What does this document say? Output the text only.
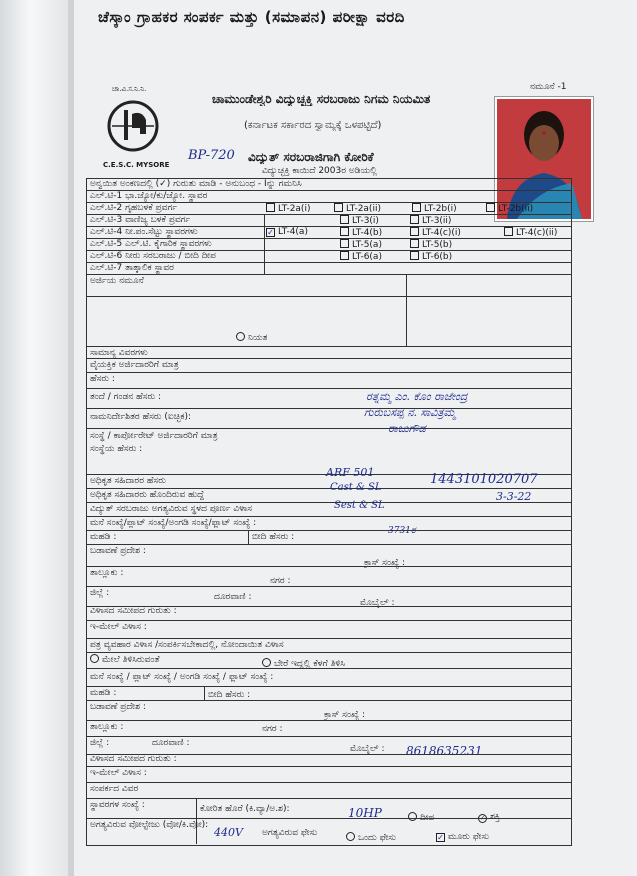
ಚೆಸ್ಕಾಂ ಗ್ರಾಹಕರ ಸಂಪರ್ಕ ಮತ್ತು (ಸಮಾಪನ) ಪರೀಕ್ಷಾ ವರದಿ
ನಮೂನೆ -1
ಚಾ.ವಿ.ಸ.ನಿ.ನಿ.
C.E.S.C. MYSORE
ಚಾಮುಂಡೇಶ್ವರಿ ವಿದ್ಯುಚ್ಛಕ್ತಿ ಸರಬರಾಜು ನಿಗಮ ನಿಯಮಿತ
(ಕರ್ನಾಟಕ ಸರ್ಕಾರದ ಸ್ವಾಮ್ಯಕ್ಕೆ ಒಳಪಟ್ಟಿದೆ)
ವಿದ್ಯುತ್ ಸರಬರಾಜಿಗಾಗಿ ಕೋರಿಕೆ
ವಿದ್ಯುಚ್ಛಕ್ತಿ ಕಾಯಿದೆ 2003ರ ಅಡಿಯಲ್ಲಿ
BP-720
ಅನ್ವಯಿತ ಅಂಕಣದಲ್ಲಿ (✓) ಗುರುತು ಮಾಡಿ - ಅನುಬಂಧ - Iನ್ನು ಗಮನಿಸಿ
ಎಲ್.ಟಿ-1 ಭಾ.ಜ್ಯೋ/ಕು/ಜ್ಯೋ. ಸ್ಥಾವರ
ಎಲ್.ಟಿ-2 ಗೃಹಬಳಕೆ ಪ್ರವರ್ಗ	LT-2a(i)	LT-2a(ii)	LT-2b(i)	LT-2b(ii)
ಎಲ್.ಟಿ-3 ವಾಣಿಜ್ಯ ಬಳಕೆ ಪ್ರವರ್ಗ	LT-3(i)	LT-3(ii)
ಎಲ್.ಟಿ-4 ನೀ.ಪಂ.ಸೆಟ್ಟು ಸ್ಥಾವರಗಳು	✓ LT-4(a)	LT-4(b)	LT-4(c)(i)	LT-4(c)(ii)
ಎಲ್.ಟಿ-5 ಎಲ್.ಟಿ. ಕೈಗಾರಿಕ ಸ್ಥಾವರಗಳು	LT-5(a)	LT-5(b)
ಎಲ್.ಟಿ-6 ನೀರು ಸರಬರಾಜು / ಬೀದಿ ದೀಪ	LT-6(a)	LT-6(b)
ಎಲ್.ಟಿ-7 ತಾತ್ಕಾಲಿಕ ಸ್ಥಾವರ
ಅರ್ಜಿಯ ನಮೂನೆ
ನಿಯತ
ಸಾಮಾನ್ಯ ವಿವರಗಳು
ವೈಯಕ್ತಿಕ ಅರ್ಜಿದಾರರಿಗೆ ಮಾತ್ರ
ಹೆಸರು :
ತಂದೆ / ಗಂಡನ ಹೆಸರು :
ನಾಮನಿರ್ದೇಶಿತರ ಹೆಸರು (ಐಚ್ಛಿಕ):
ಸಂಸ್ಥೆ / ಕಾರ್ಪೋರೇಟ್ ಅರ್ಜಿದಾರರಿಗೆ ಮಾತ್ರ
ಸಂಸ್ಥೆಯ ಹೆಸರು :
ರತ್ನಮ್ಮ ಎಂ. ಕೊಂ ರಾಜೇಂದ್ರ
ಗುರುಬಸಪ್ಪ ನ. ಸಾವಿತ್ರಮ್ಮ
ರಾಜುಗೌಡ
ಅಧಿಕೃತ ಸಹಿದಾರರ ಹೆಸರು
ಅಧಿಕೃತ ಸಹಿದಾರರು ಹೊಂದಿರುವ ಹುದ್ದೆ
ವಿದ್ಯುತ್ ಸರಬರಾಜು ಅಗತ್ಯವಿರುವ ಸ್ಥಳದ ಪೂರ್ಣ ವಿಳಾಸ
ARF 501
Cast & SL
Sest & SL
1443101020707
3-3-22
ಮನೆ ಸಂಖ್ಯೆ/ಪ್ಲಾಟ್ ಸಂಖ್ಯೆ/ಅಂಗಡಿ ಸಂಖ್ಯೆ/ಫ್ಲಾಟ್ ಸಂಖ್ಯೆ :
3731ರ
ಮಹಡಿ :	ಬೀದಿ ಹೆಸರು :
ಬಡಾವಣೆ ಪ್ರದೇಶ :
ಕ್ರಾಸ್ ಸಂಖ್ಯೆ :
ತಾಲ್ಲೂಕು :
ನಗರ :
ಜಿಲ್ಲೆ :	ದೂರವಾಣಿ :
ಮೊಬೈಲ್ :
ವಿಳಾಸದ ಸಮೀಪದ ಗುರುತು :
ಇ-ಮೇಲ್ ವಿಳಾಸ :
ಪತ್ರ ವ್ಯವಹಾರ ವಿಳಾಸ /ಸಂಪರ್ಕಿಸಬೇಕಾದಲ್ಲಿ, ನೋಂದಾಯಿತ ವಿಳಾಸ
ಮೇಲೆ ತಿಳಿಸಿರುವಂತೆ	ಬೇರೆ ಇದ್ದಲ್ಲಿ ಕೆಳಗೆ ತಿಳಿಸಿ
ಮನೆ ಸಂಖ್ಯೆ / ಪ್ಲಾಟ್ ಸಂಖ್ಯೆ / ಅಂಗಡಿ ಸಂಖ್ಯೆ / ಫ್ಲಾಟ್ ಸಂಖ್ಯೆ :
ಮಹಡಿ :	ಬೀದಿ ಹೆಸರು :
ಬಡಾವಣೆ ಪ್ರದೇಶ :
ಕ್ರಾಸ್ ಸಂಖ್ಯೆ :
ತಾಲ್ಲೂಕು :	ನಗರ :
ಜಿಲ್ಲೆ :	ದೂರವಾಣಿ :
ಮೊಬೈಲ್ : 8618635231
ವಿಳಾಸದ ಸಮೀಪದ ಗುರುತು :
ಇ-ಮೇಲ್ ವಿಳಾಸ :
ಸಂಪರ್ಕದ ವಿವರ
ಸ್ಥಾವರಗಳ ಸಂಖ್ಯೆ :	ಕೋರಿತ ಹೊರೆ (ಕಿ.ವ್ಯಾ/ಅ.ಶ):	10HP	ದೀಪ	✓ ಶಕ್ತಿ
ಅಗತ್ಯವಿರುವ ವೋಲ್ಟೇಜು (ವೋ/ಕಿ.ವೋ):
440V ಅಗತ್ಯವಿರುವ ಫೇಸು	ಒಂದು ಫೇಸು	✓ ಮೂರು ಫೇಸು
